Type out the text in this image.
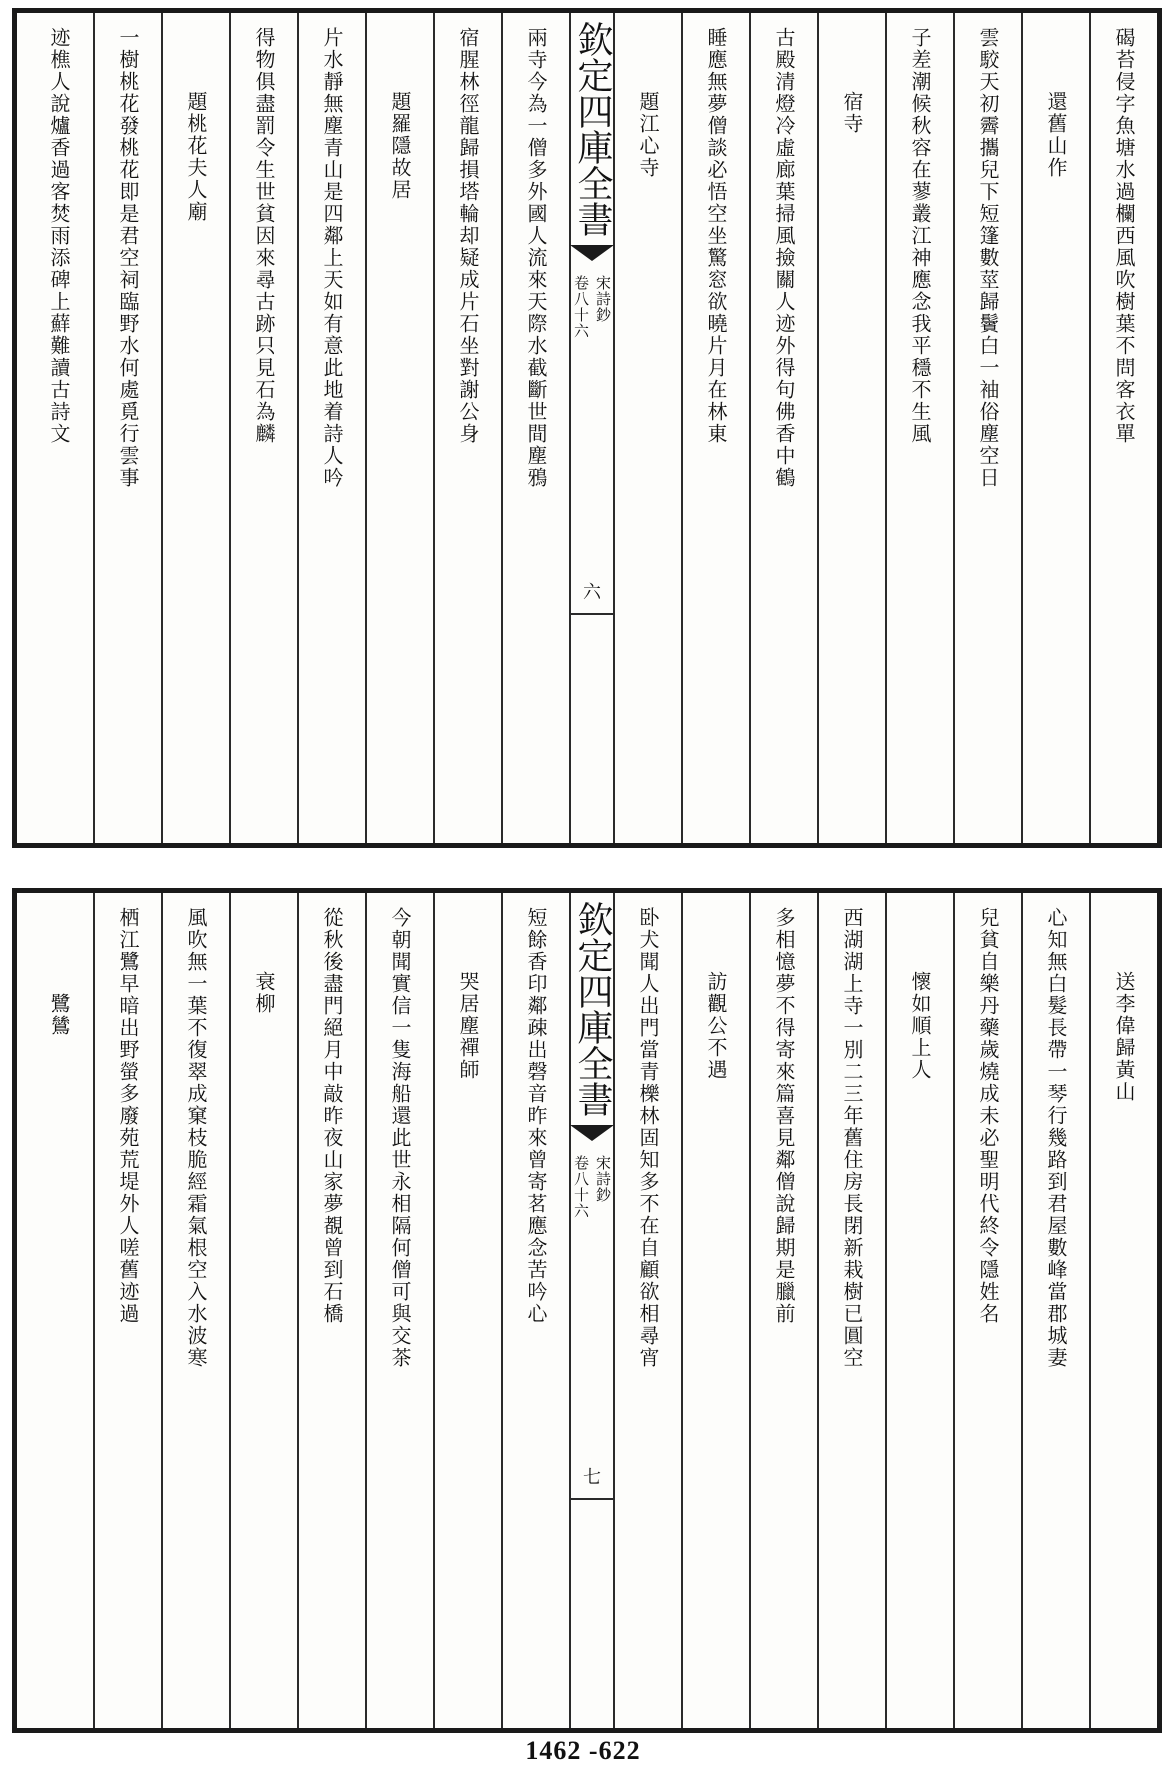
碣苔侵字魚塘水過欄西風吹樹葉不問客衣單
還舊山作
雲駮天初霽攜兒下短篷數莖歸鬢白一袖俗塵空日
子差潮候秋容在蓼叢江神應念我平穩不生風
宿寺
古殿清燈冷虛廊葉掃風撿關人迹外得句佛香中鶴
睡應無夢僧談必悟空坐驚窓欲曉片月在林東
題江心寺
欽定四庫全書
宋詩鈔
卷八十六
六
兩寺今為一僧多外國人流來天際水截斷世間塵鴉
宿腥林徑龍歸損塔輪却疑成片石坐對謝公身
題羅隱故居
片水靜無塵青山是四鄰上天如有意此地着詩人吟
得物俱盡罰令生世貧因來尋古跡只見石為麟
題桃花夫人廟
一樹桃花發桃花即是君空祠臨野水何處覓行雲事
迹樵人說爐香過客焚雨添碑上蘚難讀古詩文
送李偉歸黃山
心知無白髮長帶一琴行幾路到君屋數峰當郡城妻
兒貧自樂丹藥歲燒成未必聖明代終令隱姓名
懷如順上人
西湖湖上寺一別二三年舊住房長閉新栽樹已圓空
多相憶夢不得寄來篇喜見鄰僧說歸期是臘前
訪觀公不遇
卧犬聞人出門當青櫟林固知多不在自顧欲相尋宵
欽定四庫全書
宋詩鈔
卷八十六
七
短餘香印鄰疎出磬音昨來曾寄茗應念苦吟心
哭居塵禪師
今朝聞實信一隻海船還此世永相隔何僧可與交茶
從秋後盡門絕月中敲昨夜山家夢覩曾到石橋
衰柳
風吹無一葉不復翠成窠枝脆經霜氣根空入水波寒
栖江鷺早暗出野螢多廢苑荒堤外人嗟舊迹過
鷺鷥
1462 -622
